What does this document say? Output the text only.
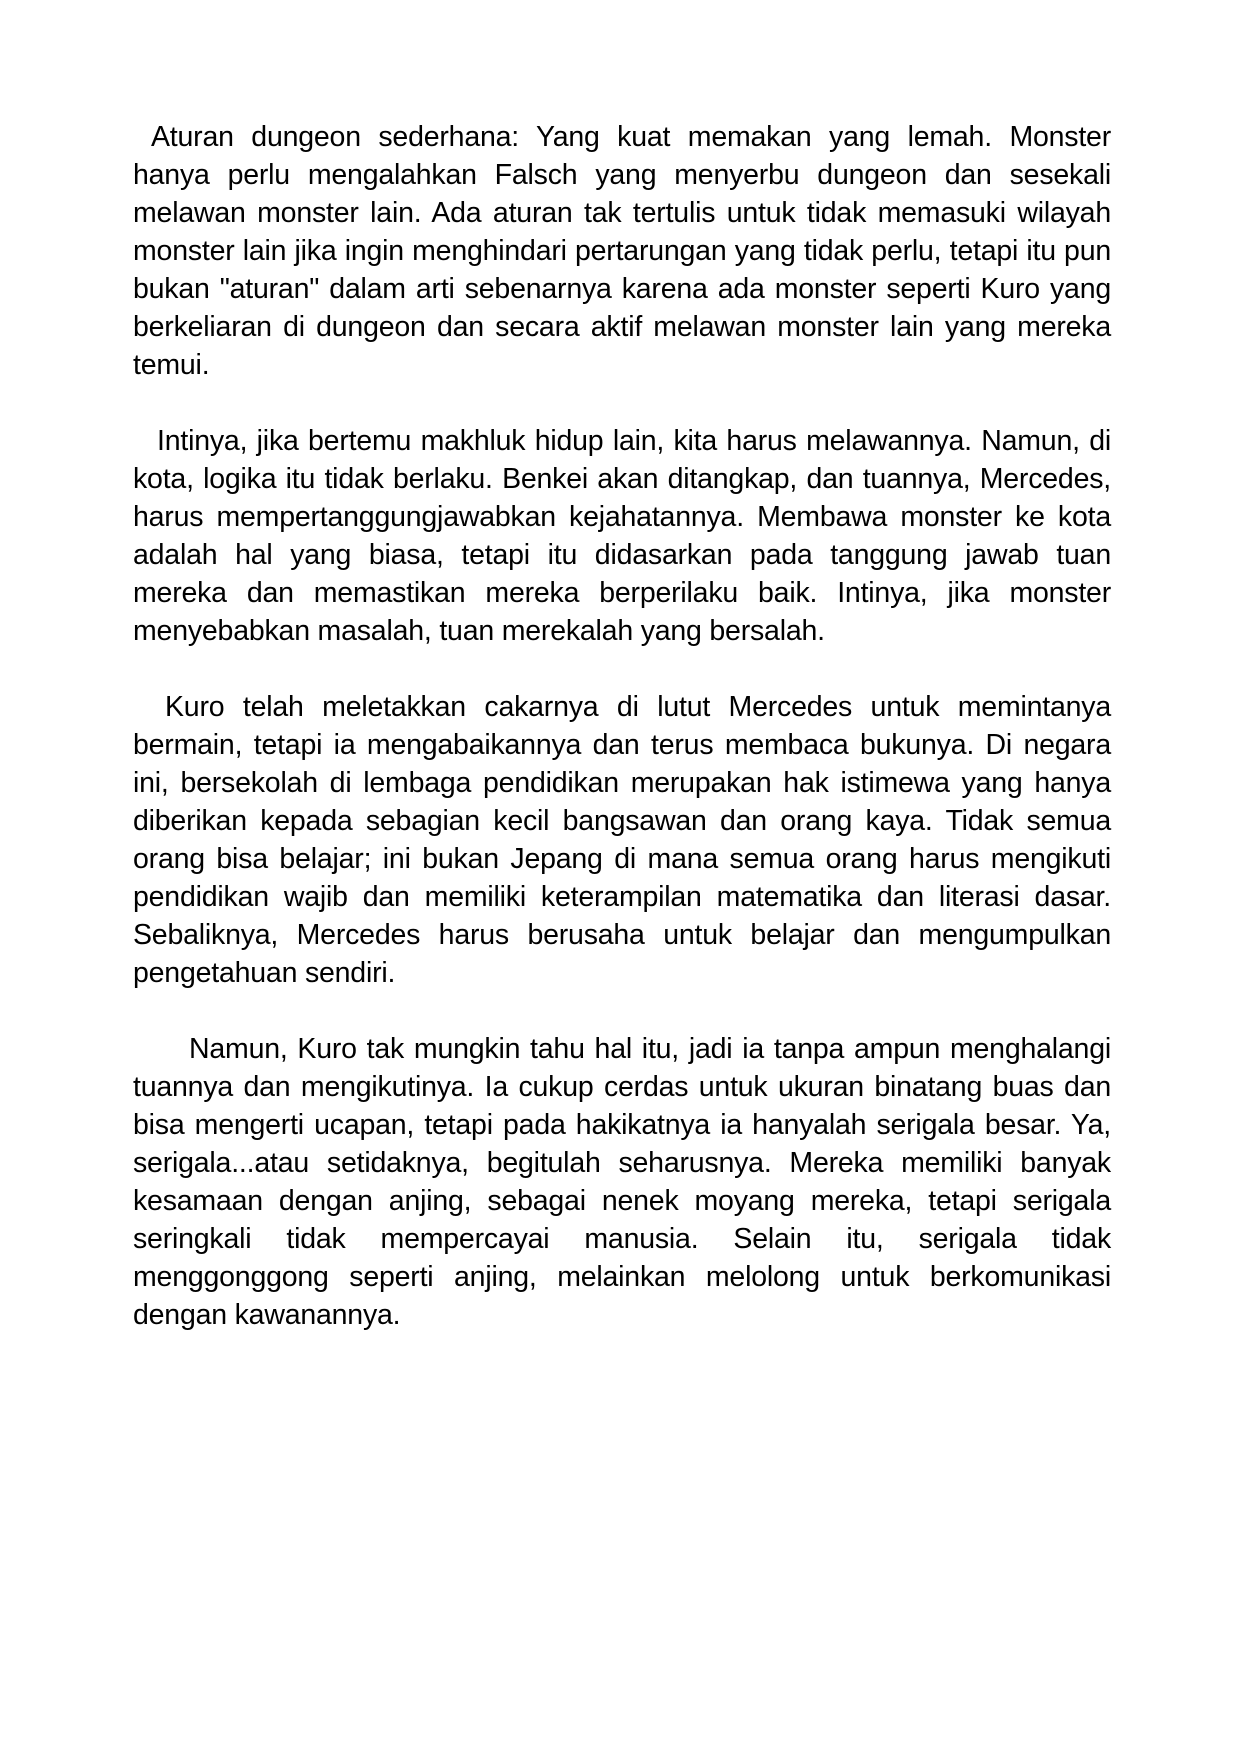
Aturan dungeon sederhana: Yang kuat memakan yang lemah. Monster hanya perlu mengalahkan Falsch yang menyerbu dungeon dan sesekali melawan monster lain. Ada aturan tak tertulis untuk tidak memasuki wilayah monster lain jika ingin menghindari pertarungan yang tidak perlu, tetapi itu pun bukan "aturan" dalam arti sebenarnya karena ada monster seperti Kuro yang berkeliaran di dungeon dan secara aktif melawan monster lain yang mereka temui.

Intinya, jika bertemu makhluk hidup lain, kita harus melawannya. Namun, di kota, logika itu tidak berlaku. Benkei akan ditangkap, dan tuannya, Mercedes, harus mempertanggungjawabkan kejahatannya. Membawa monster ke kota adalah hal yang biasa, tetapi itu didasarkan pada tanggung jawab tuan mereka dan memastikan mereka berperilaku baik. Intinya, jika monster menyebabkan masalah, tuan merekalah yang bersalah.

Kuro telah meletakkan cakarnya di lutut Mercedes untuk memintanya bermain, tetapi ia mengabaikannya dan terus membaca bukunya. Di negara ini, bersekolah di lembaga pendidikan merupakan hak istimewa yang hanya diberikan kepada sebagian kecil bangsawan dan orang kaya. Tidak semua orang bisa belajar; ini bukan Jepang di mana semua orang harus mengikuti pendidikan wajib dan memiliki keterampilan matematika dan literasi dasar. Sebaliknya, Mercedes harus berusaha untuk belajar dan mengumpulkan pengetahuan sendiri.

Namun, Kuro tak mungkin tahu hal itu, jadi ia tanpa ampun menghalangi tuannya dan mengikutinya. Ia cukup cerdas untuk ukuran binatang buas dan bisa mengerti ucapan, tetapi pada hakikatnya ia hanyalah serigala besar. Ya, serigala...atau setidaknya, begitulah seharusnya. Mereka memiliki banyak kesamaan dengan anjing, sebagai nenek moyang mereka, tetapi serigala seringkali tidak mempercayai manusia. Selain itu, serigala tidak menggonggong seperti anjing, melainkan melolong untuk berkomunikasi dengan kawanannya.
